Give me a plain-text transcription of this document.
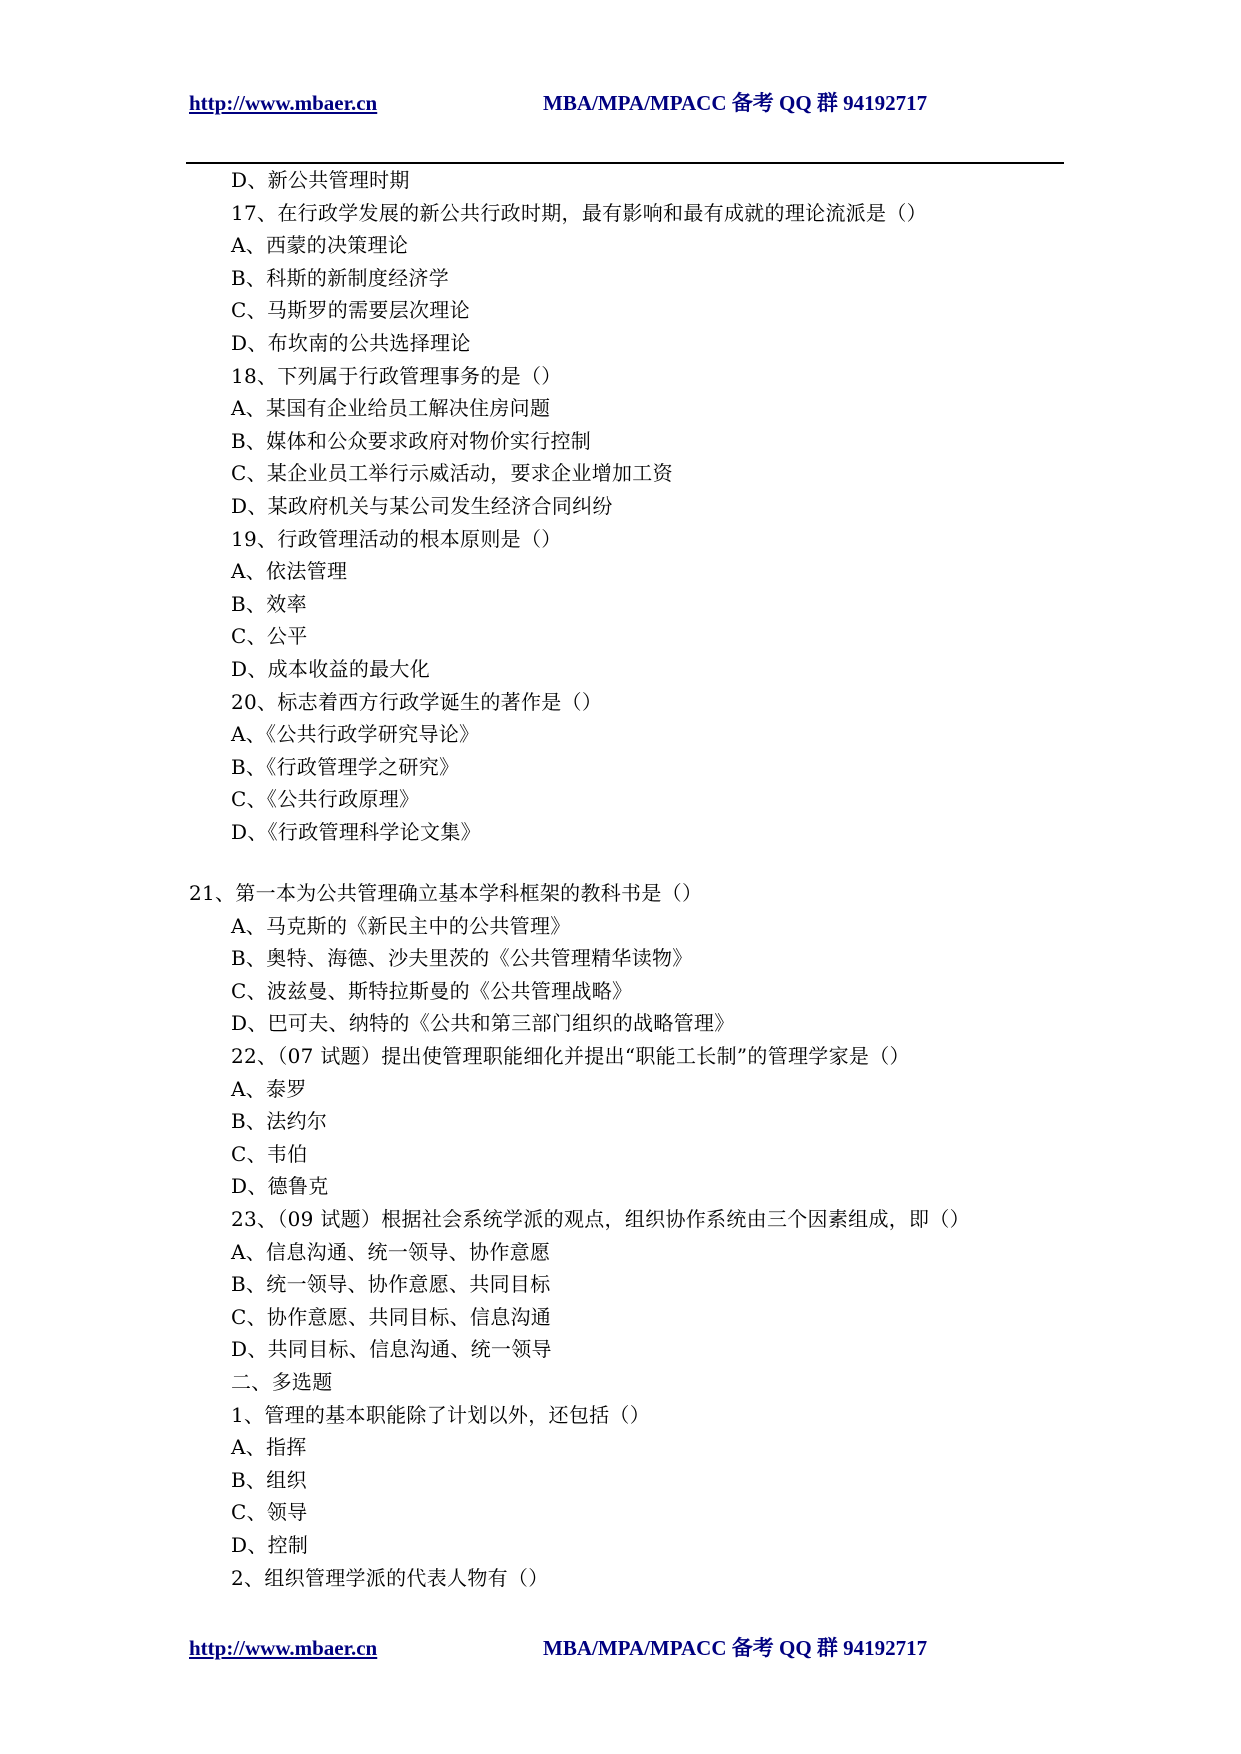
http://www.mbaer.cn	MBA/MPA/MPACC 备考 QQ 群 94192717
D、新公共管理时期
17、在行政学发展的新公共行政时期，最有影响和最有成就的理论流派是（）
A、西蒙的决策理论
B、科斯的新制度经济学
C、马斯罗的需要层次理论
D、布坎南的公共选择理论
18、下列属于行政管理事务的是（）
A、某国有企业给员工解决住房问题
B、媒体和公众要求政府对物价实行控制
C、某企业员工举行示威活动，要求企业增加工资
D、某政府机关与某公司发生经济合同纠纷
19、行政管理活动的根本原则是（）
A、依法管理
B、效率
C、公平
D、成本收益的最大化
20、标志着西方行政学诞生的著作是（）
A、《公共行政学研究导论》
B、《行政管理学之研究》
C、《公共行政原理》
D、《行政管理科学论文集》
21、第一本为公共管理确立基本学科框架的教科书是（）
A、马克斯的《新民主中的公共管理》
B、奥特、海德、沙夫里茨的《公共管理精华读物》
C、波兹曼、斯特拉斯曼的《公共管理战略》
D、巴可夫、纳特的《公共和第三部门组织的战略管理》
22、（07 试题）提出使管理职能细化并提出“职能工长制”的管理学家是（）
A、泰罗
B、法约尔
C、韦伯
D、德鲁克
23、（09 试题）根据社会系统学派的观点，组织协作系统由三个因素组成，即（）
A、信息沟通、统一领导、协作意愿
B、统一领导、协作意愿、共同目标
C、协作意愿、共同目标、信息沟通
D、共同目标、信息沟通、统一领导
二、多选题
1、管理的基本职能除了计划以外，还包括（）
A、指挥
B、组织
C、领导
D、控制
2、组织管理学派的代表人物有（）
http://www.mbaer.cn	MBA/MPA/MPACC 备考 QQ 群 94192717
